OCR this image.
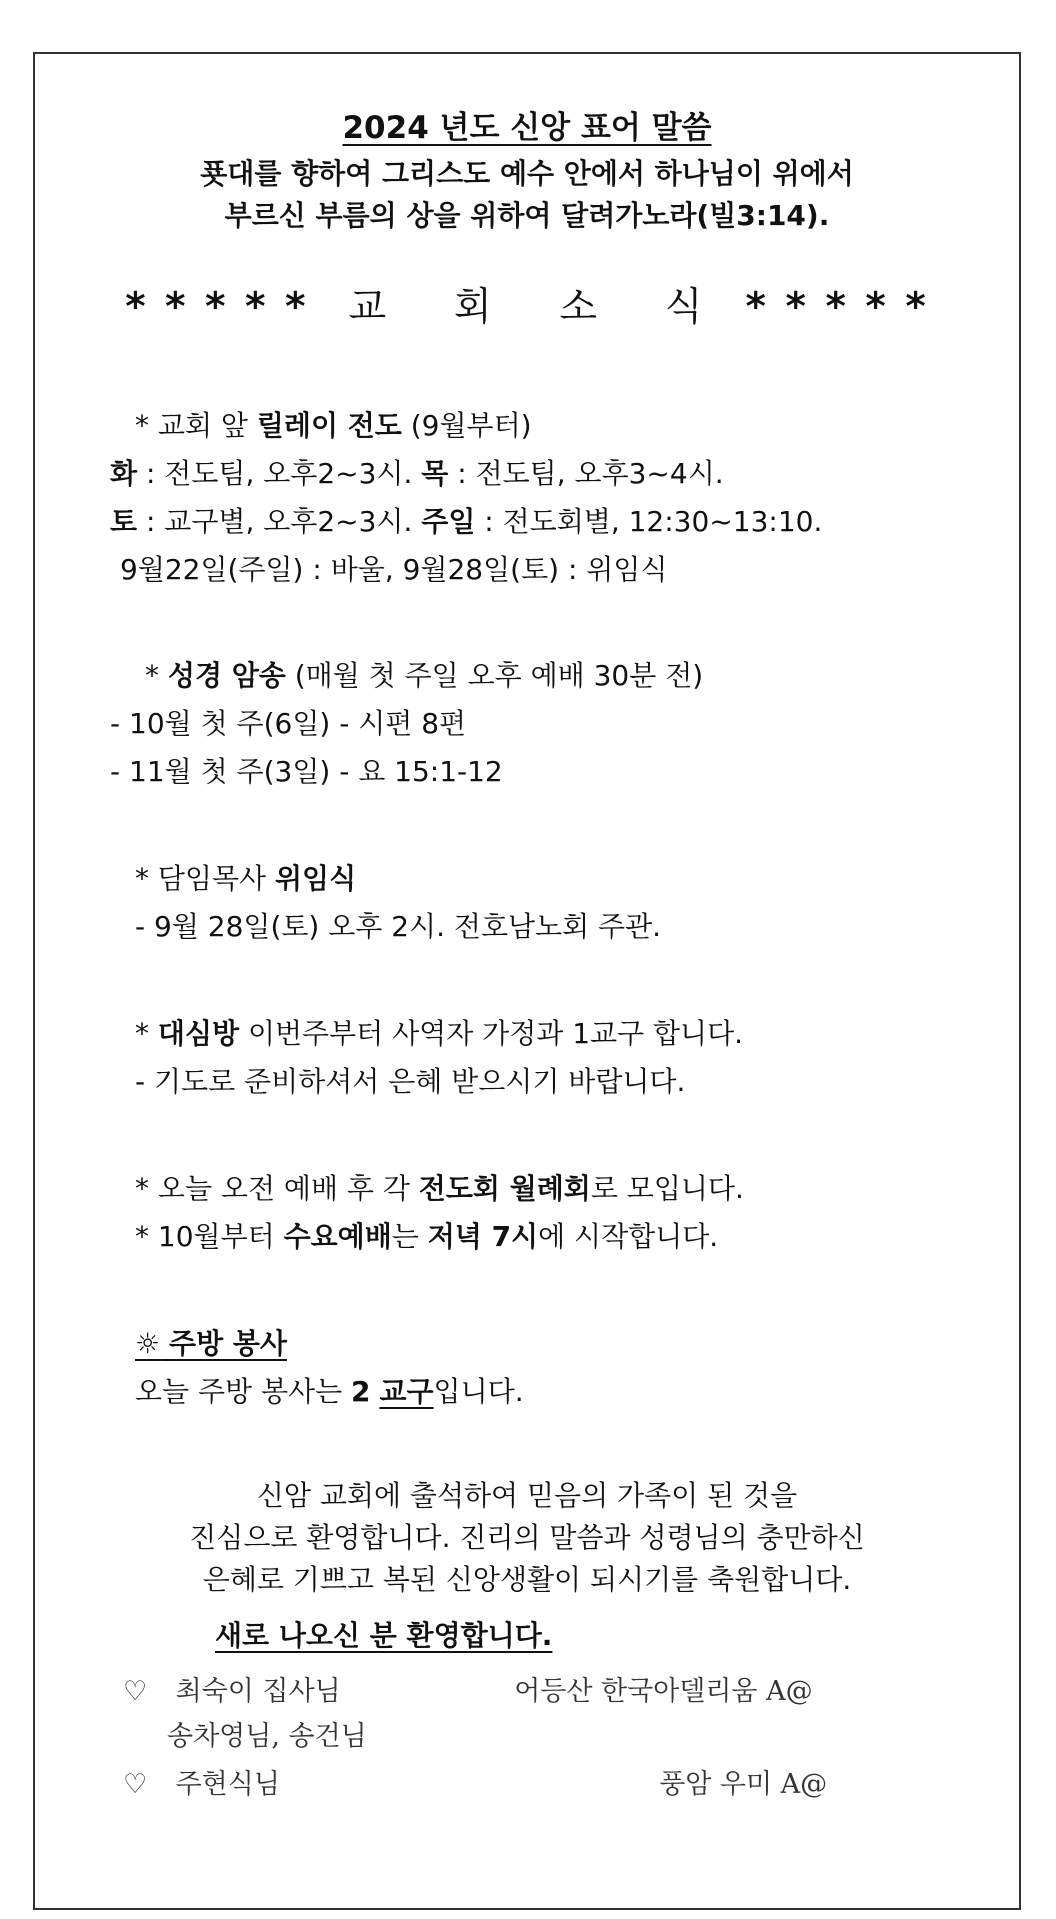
2024 년도 신앙 표어 말씀
푯대를 향하여 그리스도 예수 안에서 하나님이 위에서
부르신 부름의 상을 위하여 달려가노라(빌3:14).
* * * * * 교 회 소 식 * * * * *
* 교회 앞 릴레이 전도 (9월부터)
화 : 전도팀, 오후2~3시. 목 : 전도팀, 오후3~4시.
토 : 교구별, 오후2~3시. 주일 : 전도회별, 12:30~13:10.
9월22일(주일) : 바울, 9월28일(토) : 위임식
* 성경 암송 (매월 첫 주일 오후 예배 30분 전)
- 10월 첫 주(6일) - 시편 8편
- 11월 첫 주(3일) - 요 15:1-12
* 담임목사 위임식
- 9월 28일(토) 오후 2시. 전호남노회 주관.
* 대심방 이번주부터 사역자 가정과 1교구 합니다.
- 기도로 준비하셔서 은혜 받으시기 바랍니다.
* 오늘 오전 예배 후 각 전도회 월례회로 모입니다.
* 10월부터 수요예배는 저녁 7시에 시작합니다.
☼ 주방 봉사
오늘 주방 봉사는 2 교구입니다.
신암 교회에 출석하여 믿음의 가족이 된 것을
진심으로 환영합니다. 진리의 말씀과 성령님의 충만하신
은혜로 기쁘고 복된 신앙생활이 되시기를 축원합니다.
새로 나오신 분 환영합니다.
♡ 최숙이 집사님	어등산 한국아델리움 A@
송차영님, 송건님
♡ 주현식님	풍암 우미 A@
